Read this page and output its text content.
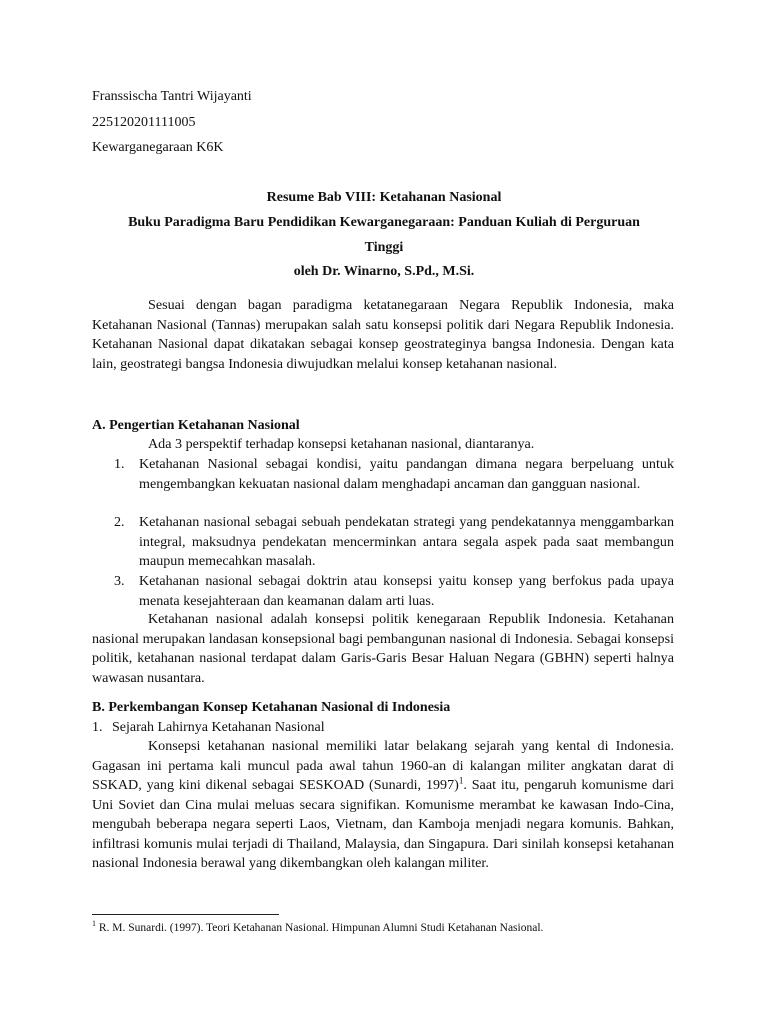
Franssischa Tantri Wijayanti
225120201111005
Kewarganegaraan K6K
Resume Bab VIII: Ketahanan Nasional
Buku Paradigma Baru Pendidikan Kewarganegaraan: Panduan Kuliah di Perguruan
Tinggi
oleh Dr. Winarno, S.Pd., M.Si.

Sesuai dengan bagan paradigma ketatanegaraan Negara Republik Indonesia, maka Ketahanan Nasional (Tannas) merupakan salah satu konsepsi politik dari Negara Republik Indonesia. Ketahanan Nasional dapat dikatakan sebagai konsep geostrateginya bangsa Indonesia. Dengan kata lain, geostrategi bangsa Indonesia diwujudkan melalui konsep ketahanan nasional.

A. Pengertian Ketahanan Nasional

Ada 3 perspektif terhadap konsepsi ketahanan nasional, diantaranya.

1. Ketahanan Nasional sebagai kondisi, yaitu pandangan dimana negara berpeluang untuk mengembangkan kekuatan nasional dalam menghadapi ancaman dan gangguan nasional.
2. Ketahanan nasional sebagai sebuah pendekatan strategi yang pendekatannya menggambarkan integral, maksudnya pendekatan mencerminkan antara segala aspek pada saat membangun maupun memecahkan masalah.
3. Ketahanan nasional sebagai doktrin atau konsepsi yaitu konsep yang berfokus pada upaya menata kesejahteraan dan keamanan dalam arti luas.

Ketahanan nasional adalah konsepsi politik kenegaraan Republik Indonesia. Ketahanan nasional merupakan landasan konsepsional bagi pembangunan nasional di Indonesia. Sebagai konsepsi politik, ketahanan nasional terdapat dalam Garis-Garis Besar Haluan Negara (GBHN) seperti halnya wawasan nusantara.

B. Perkembangan Konsep Ketahanan Nasional di Indonesia
1. Sejarah Lahirnya Ketahanan Nasional

Konsepsi ketahanan nasional memiliki latar belakang sejarah yang kental di Indonesia. Gagasan ini pertama kali muncul pada awal tahun 1960-an di kalangan militer angkatan darat di SSKAD, yang kini dikenal sebagai SESKOAD (Sunardi, 1997)$^1$. Saat itu, pengaruh komunisme dari Uni Soviet dan Cina mulai meluas secara signifikan. Komunisme merambat ke kawasan Indo-Cina, mengubah beberapa negara seperti Laos, Vietnam, dan Kamboja menjadi negara komunis. Bahkan, infiltrasi komunis mulai terjadi di Thailand, Malaysia, dan Singapura. Dari sinilah konsepsi ketahanan nasional Indonesia berawal yang dikembangkan oleh kalangan militer.

$^1$ R. M. Sunardi. (1997). Teori Ketahanan Nasional. Himpunan Alumni Studi Ketahanan Nasional.
